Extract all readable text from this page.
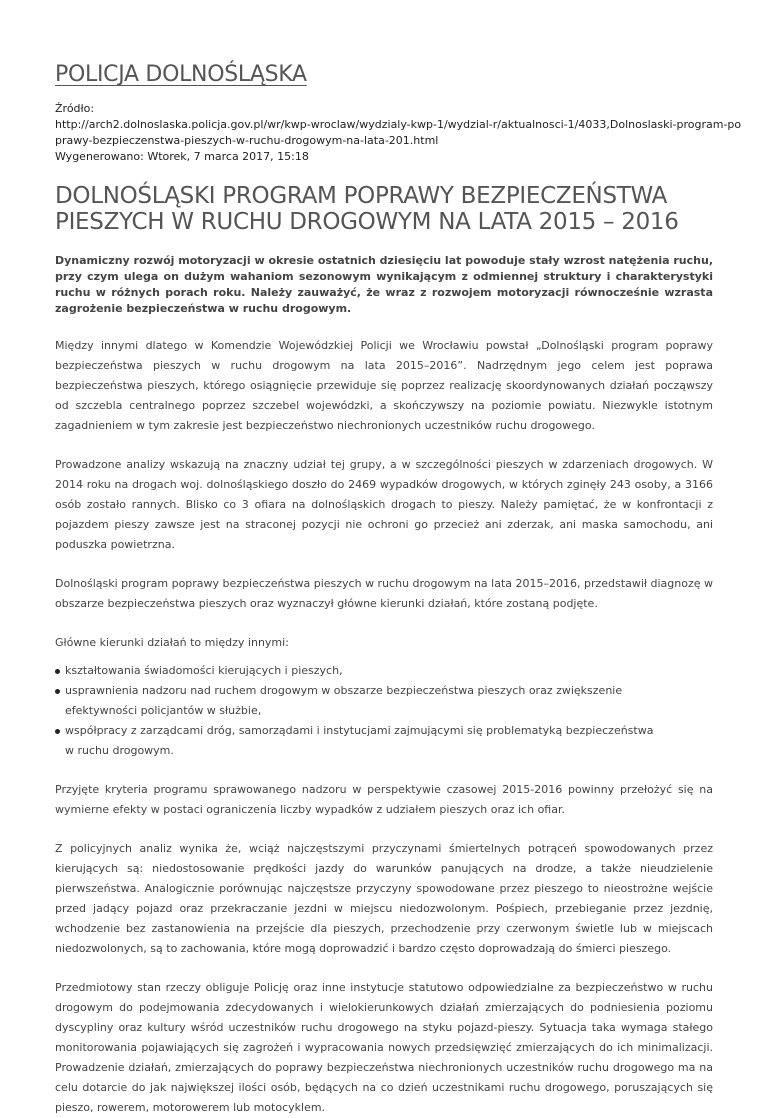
POLICJA DOLNOŚLĄSKA
Źródło:
http://arch2.dolnoslaska.policja.gov.pl/wr/kwp-wroclaw/wydzialy-kwp-1/wydzial-r/aktualnosci-1/4033,Dolnoslaski-program-po
prawy-bezpieczenstwa-pieszych-w-ruchu-drogowym-na-lata-201.html
Wygenerowano: Wtorek, 7 marca 2017, 15:18
DOLNOŚLĄSKI PROGRAM POPRAWY BEZPIECZEŃSTWA
PIESZYCH W RUCHU DROGOWYM NA LATA 2015 – 2016
Dynamiczny rozwój motoryzacji w okresie ostatnich dziesięciu lat powoduje stały wzrost natężenia ruchu, przy czym ulega on dużym wahaniom sezonowym wynikającym z odmiennej struktury i charakterystyki ruchu w różnych porach roku. Należy zauważyć, że wraz z rozwojem motoryzacji równocześnie wzrasta zagrożenie bezpieczeństwa w ruchu drogowym.
Między innymi dlatego w Komendzie Wojewódzkiej Policji we Wrocławiu powstał „Dolnośląski program poprawy bezpieczeństwa pieszych w ruchu drogowym na lata 2015–2016”. Nadrzędnym jego celem jest poprawa bezpieczeństwa pieszych, którego osiągnięcie przewiduje się poprzez realizację skoordynowanych działań począwszy od szczebla centralnego poprzez szczebel wojewódzki, a skończywszy na poziomie powiatu. Niezwykle istotnym zagadnieniem w tym zakresie jest bezpieczeństwo niechronionych uczestników ruchu drogowego.
Prowadzone analizy wskazują na znaczny udział tej grupy, a w szczególności pieszych w zdarzeniach drogowych. W 2014 roku na drogach woj. dolnośląskiego doszło do 2469 wypadków drogowych, w których zginęły 243 osoby, a 3166 osób zostało rannych. Blisko co 3 ofiara na dolnośląskich drogach to pieszy. Należy pamiętać, że w konfrontacji z pojazdem pieszy zawsze jest na straconej pozycji nie ochroni go przecież ani zderzak, ani maska samochodu, ani poduszka powietrzna.
Dolnośląski program poprawy bezpieczeństwa pieszych w ruchu drogowym na lata 2015–2016, przedstawił diagnozę w obszarze bezpieczeństwa pieszych oraz wyznaczył główne kierunki działań, które zostaną podjęte.
Główne kierunki działań to między innymi:
kształtowania świadomości kierujących i pieszych,
usprawnienia nadzoru nad ruchem drogowym w obszarze bezpieczeństwa pieszych oraz zwiększenie efektywności policjantów w służbie,
współpracy z zarządcami dróg, samorządami i instytucjami zajmującymi się problematyką bezpieczeństwa w ruchu drogowym.
Przyjęte kryteria programu sprawowanego nadzoru w perspektywie czasowej 2015-2016 powinny przełożyć się na wymierne efekty w postaci ograniczenia liczby wypadków z udziałem pieszych oraz ich ofiar.
Z policyjnych analiz wynika że, wciąż najczęstszymi przyczynami śmiertelnych potrąceń spowodowanych przez kierujących są: niedostosowanie prędkości jazdy do warunków panujących na drodze, a także nieudzielenie pierwszeństwa. Analogicznie porównując najczęstsze przyczyny spowodowane przez pieszego to nieostrożne wejście przed jadący pojazd oraz przekraczanie jezdni w miejscu niedozwolonym. Pośpiech, przebieganie przez jezdnię, wchodzenie bez zastanowienia na przejście dla pieszych, przechodzenie przy czerwonym świetle lub w miejscach niedozwolonych, są to zachowania, które mogą doprowadzić i bardzo często doprowadzają do śmierci pieszego.
Przedmiotowy stan rzeczy obliguje Policję oraz inne instytucje statutowo odpowiedzialne za bezpieczeństwo w ruchu drogowym do podejmowania zdecydowanych i wielokierunkowych działań zmierzających do podniesienia poziomu dyscypliny oraz kultury wśród uczestników ruchu drogowego na styku pojazd-pieszy. Sytuacja taka wymaga stałego monitorowania pojawiających się zagrożeń i wypracowania nowych przedsięwzięć zmierzających do ich minimalizacji. Prowadzenie działań, zmierzających do poprawy bezpieczeństwa niechronionych uczestników ruchu drogowego ma na celu dotarcie do jak największej ilości osób, będących na co dzień uczestnikami ruchu drogowego, poruszających się pieszo, rowerem, motorowerem lub motocyklem.
